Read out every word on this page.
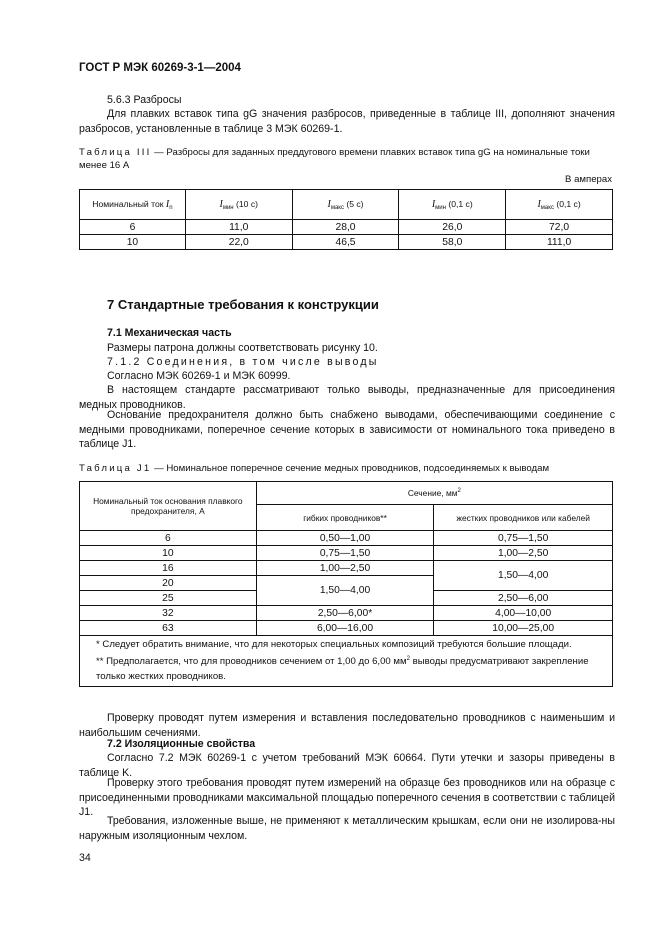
ГОСТ Р МЭК 60269-3-1—2004
5.6.3 Разбросы
Для плавких вставок типа gG значения разбросов, приведенные в таблице III, дополняют значения разбросов, установленные в таблице 3 МЭК 60269-1.
Таблица III — Разбросы для заданных преддугового времени плавких вставок типа gG на номинальные токи менее 16 А
В амперах
Номинальный ток $I_n$	$I_{мин}$ (10 с)	$I_{макс}$ (5 с)	$I_{мин}$ (0,1 с)	$I_{макс}$ (0,1 с)
6	11,0	28,0	26,0	72,0
10	22,0	46,5	58,0	111,0
7 Стандартные требования к конструкции
7.1 Механическая часть
Размеры патрона должны соответствовать рисунку 10.
7.1.2 Соединения, в том числе выводы
Согласно МЭК 60269-1 и МЭК 60999.
В настоящем стандарте рассматривают только выводы, предназначенные для присоединения медных проводников.
Основание предохранителя должно быть снабжено выводами, обеспечивающими соединение с медными проводниками, поперечное сечение которых в зависимости от номинального тока приведено в таблице J1.
Таблица J1 — Номинальное поперечное сечение медных проводников, подсоединяемых к выводам
Номинальный ток основания плавкого предохранителя, А	Сечение, $мм^2$
	гибких проводников**	жестких проводников или кабелей
6	0,50—1,00	0,75—1,50
10	0,75—1,50	1,00—2,50
16	1,00—2,50	1,50—4,00
20	1,50—4,00	
25		2,50—6,00
32	2,50—6,00*	4,00—10,00
63	6,00—16,00	10,00—25,00

* Следует обратить внимание, что для некоторых специальных композиций требуются большие площади.
** Предполагается, что для проводников сечением от 1,00 до 6,00 $мм^2$ выводы предусматривают закрепление только жестких проводников.		
Проверку проводят путем измерения и вставления последовательно проводников с наименьшим и наибольшим сечениями.
7.2 Изоляционные свойства
Согласно 7.2 МЭК 60269-1 с учетом требований МЭК 60664. Пути утечки и зазоры приведены в таблице K.
Проверку этого требования проводят путем измерений на образце без проводников или на образце с присоединенными проводниками максимальной площадью поперечного сечения в соответствии с таблицей J1.
Требования, изложенные выше, не применяют к металлическим крышкам, если они не изолирова-ны наружным изоляционным чехлом.
34
